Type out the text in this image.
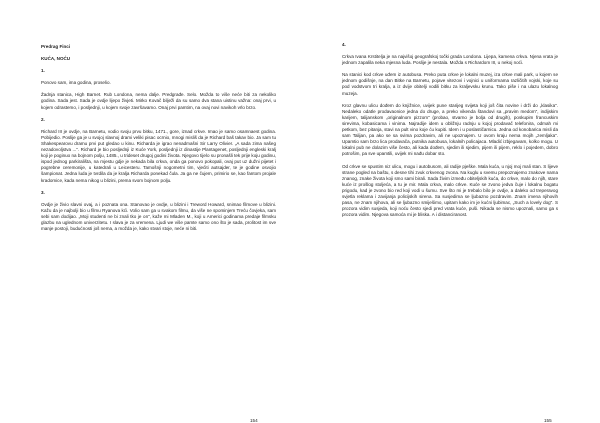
Predrag Finci

KUĆA, NOĆU

1.

Ponovo sam, ima godina, proselio.

Žadnja stanica, High Barnet. Rub Londona, nema dalje. Predgrađe. Selo. Možda to više neće biti za nekoliko godina. Sada jest. Sada je ovdje lijepo živjeti. Mirko Kovač bilježi da su samo dva stana uistinu važna: onaj prvi, u kojem odrastemo, i posljednji, u kojem svoje završavamo. Onaj prvi pamtim, na ovaj novi navikoh vrlo brzo.

2.

Richard III je ovdje, na Barnetu, vodio svoju prvu bitku, 1471., gore, iznad crkve. Imao je samo osamnaest godina. Pobijedio. Poslije ga je u svojoj slavnoj drami veliki pisac ocrnio, mnogi misliš da je Richard baš takav bio. Ja sam tu Shakespearovu dramu prvi put gledao u kinu. Richarda je igrao nenadmašni Sir Larry Olivier. „A sada zima našeg nezadovoljstva ...". Richard je bio posljednji iz Kuće York, posljednji iz dinastije Plantagenet, posljednji engleski kralj koji je poginuo na bojnom polju, 1485., u trideset drugoj godini života. Njegovo tijelo su pronašli tek prije koju godinu, ispod jednog parkirališta, na mjestu gdje je nekada bila crkva, onda ga ponovo pokopali, ovaj put uz dužni pijetet i pogrebne ceremonije, u katedrali u Leicesteru. Tamošnji nogometni tim, vjećiti autsajder, te je godine osvojio šampionat. Jedna luda je tvrdila da je kralja Richarda ponekad čula. Ja ga ne čujem, primirio se, kao fantom projale kradomice, kada nema nikog u blizini, prema svom bojnom polju.

3.

Ovdje je živio slavni ovaj, a i poznata ona. Stanovao je ovdje, u blizini i Treword Howard, snimao filmove u blizini. Kažu da je najbolji bio u filmu Ryanova kći. Volio sam ga u svakom filmu, da više ne spominjem Treću čovjeka, sam sebi sam dodijao. „Moji studenti ne bi znali tko je on", kaže mi Mladen M., koji u Americi godinama predaje filmsku glazbu na uglednom univerzitetu. I slava je za vremena. Ljudi we više pamte samo ono što je sada, prolitost im sve manje postoji, budućnosti još nema, a možda je, kako stvari stoje, neće ni biti.

154

4.

Crkva Ivana Krstitelja je na najvišoj geografskoj točki grada Londona. Lijepa, kamena crkva. Njena vrata je jednom zapalila neka mjesna luda. Poslije je nestala. Možda s Richardom III, u nekoj noći.

Na stanici kod crkve uđem iz autobusa. Preko puta crkve je lokalni muzej, iza crkve mali park, u kojem se jednom godišnje, na dan Bitke na Barnetu, pojave vitezovi i vojnici u uniformama različitih vojski, koje su pod vodstvom tri kralja, a iz dvije obitelji vodili bitku za kraljevsku krunu. Tako piše i na ulazu lokalnog muzeja.

Kroz glavnu ulicu dođem do knjižnice, uvijek pune starijeg svijeta koji još čita novine i drži do „klasika". Nedaleko odatle prodavaonice jedna do druge, a preko vikenda štandovi sa „pravim medom", indijskim karijem, talijanskom „originalnom pizzom" (probao, stvarno je bolja od drugih), poskupim francuskim sirevima, kobasicama i vinima. Najradije idem u obližnju radnju u kojoj prodavač telefonira, odmah mi petkom, bez pitanja, stavi na pult vino koje ću kupiti. Idem i u poslastičarnicu. Jedna od konobarica misli da sam Talijan, pa ako se sa svima pozdravim, ali ne upoznajem. U ovom kraju nema mojih „zemljaka". Upamtio sam brzo lica prodavača, putnika autobusa, lokalnih policajaca. Mladić izbjegavam, kolko mogu. U lokalni pub ne dolazim više često, ali kada dođem, sjedim ili sjedim, pijem ili pijem, reklo i pojedem, dobro potrošim, pa sve upamtili, uvijek mi nađu dobar sto.

Od crkve se spustim niz ulicu, mogu i autobusom, ali radije pješke. Mala kuća, u njoj moj mali stan. S lijeve strane pogled na baštu, s desne tihi zvuk crkvenog zvona. Na kuglu u svemu prepoznajemo znakove nama znanog, znake života koji smo sami birali. Sada živim između obiteljskih kuća, do crkve, malo do njih, stare kuće iz prošlog stoljeća, a tu je mir. Mala crkva, malo crkve. Kuće se zvono jedva čuje i lokalnu bogatu prigodu, kad je zvono bio red koji vodi u šumu. Sve što mi je trebalo bilo je ovdje, a daleko od treperavog svjetla reklama i zavijanja policijskih sirena. Sa susjedima se ljubazno pozdravim. Znam imena njihovih pasa, ne znam njihova, ali se ljubazno smiješimo, upitam kako im je kućni ljubimac, „Such a lovely dog". S prozora vidim susjeda, koji noću često sjedi pred vrata kuće, puši. Nikada se nismo upoznali, samo ga s prozora vidim. Njegova samoća mi je bliska. A i distanciranost.

155
